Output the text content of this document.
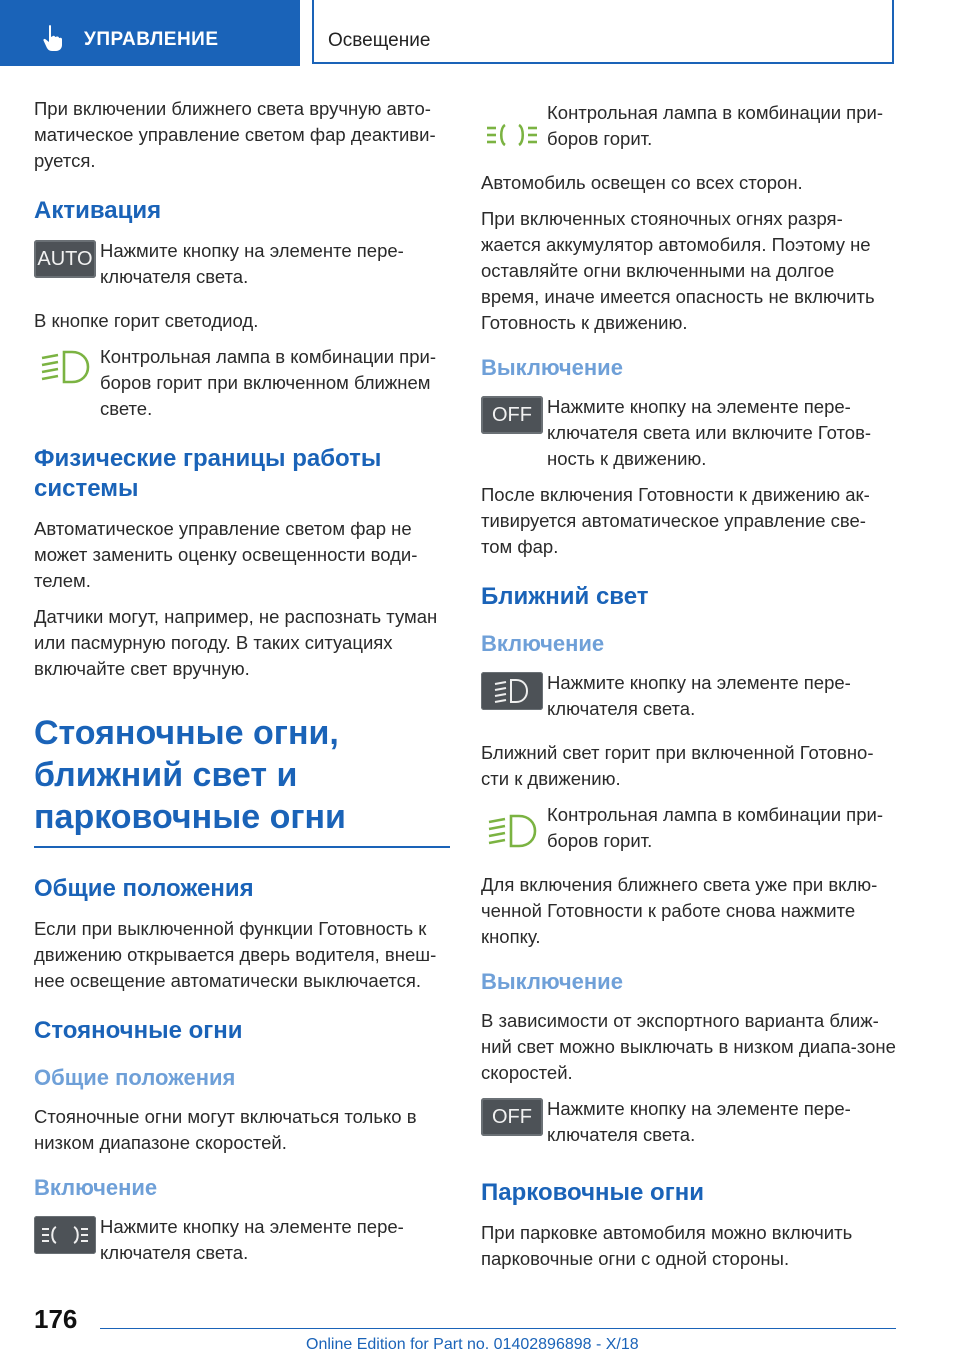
УПРАВЛЕНИЕ	Освещение

При включении ближнего света вручную авто-матическое управление светом фар деактиви-руется.

Активация
AUTO Нажмите кнопку на элементе пере-ключателя света.

В кнопке горит светодиод.

Контрольная лампа в комбинации при-боров горит при включенном ближнем свете.

Физические границы работы системы

Автоматическое управление светом фар не может заменить оценку освещенности води-телем.

Датчики могут, например, не распознать туман или пасмурную погоду. В таких ситуациях включайте свет вручную.

Стояночные огни, ближний свет и парковочные огни
Общие положения

Если при выключенной функции Готовность к движению открывается дверь водителя, внеш-нее освещение автоматически выключается.

Стояночные огни
Общие положения

Стояночные огни могут включаться только в низком диапазоне скоростей.

Включение

Нажмите кнопку на элементе пере-ключателя света.

Контрольная лампа в комбинации при-боров горит.

Автомобиль освещен со всех сторон.

При включенных стояночных огнях разря-жается аккумулятор автомобиля. Поэтому не оставляйте огни включенными на долгое время, иначе имеется опасность не включить Готовность к движению.

Выключение
OFF Нажмите кнопку на элементе пере-ключателя света или включите Готов-ность к движению.

После включения Готовности к движению ак-тивируется автоматическое управление све-том фар.

Ближний свет
Включение

Нажмите кнопку на элементе пере-ключателя света.

Ближний свет горит при включенной Готовно-сти к движению.

Контрольная лампа в комбинации при-боров горит.

Для включения ближнего света уже при вклю-ченной Готовности к работе снова нажмите кнопку.

Выключение

В зависимости от экспортного варианта ближ-ний свет можно выключать в низком диапа-зоне скоростей.

OFF Нажмите кнопку на элементе пере-ключателя света.

Парковочные огни

При парковке автомобиля можно включить парковочные огни с одной стороны.

176
Online Edition for Part no. 01402896898 - X/18
